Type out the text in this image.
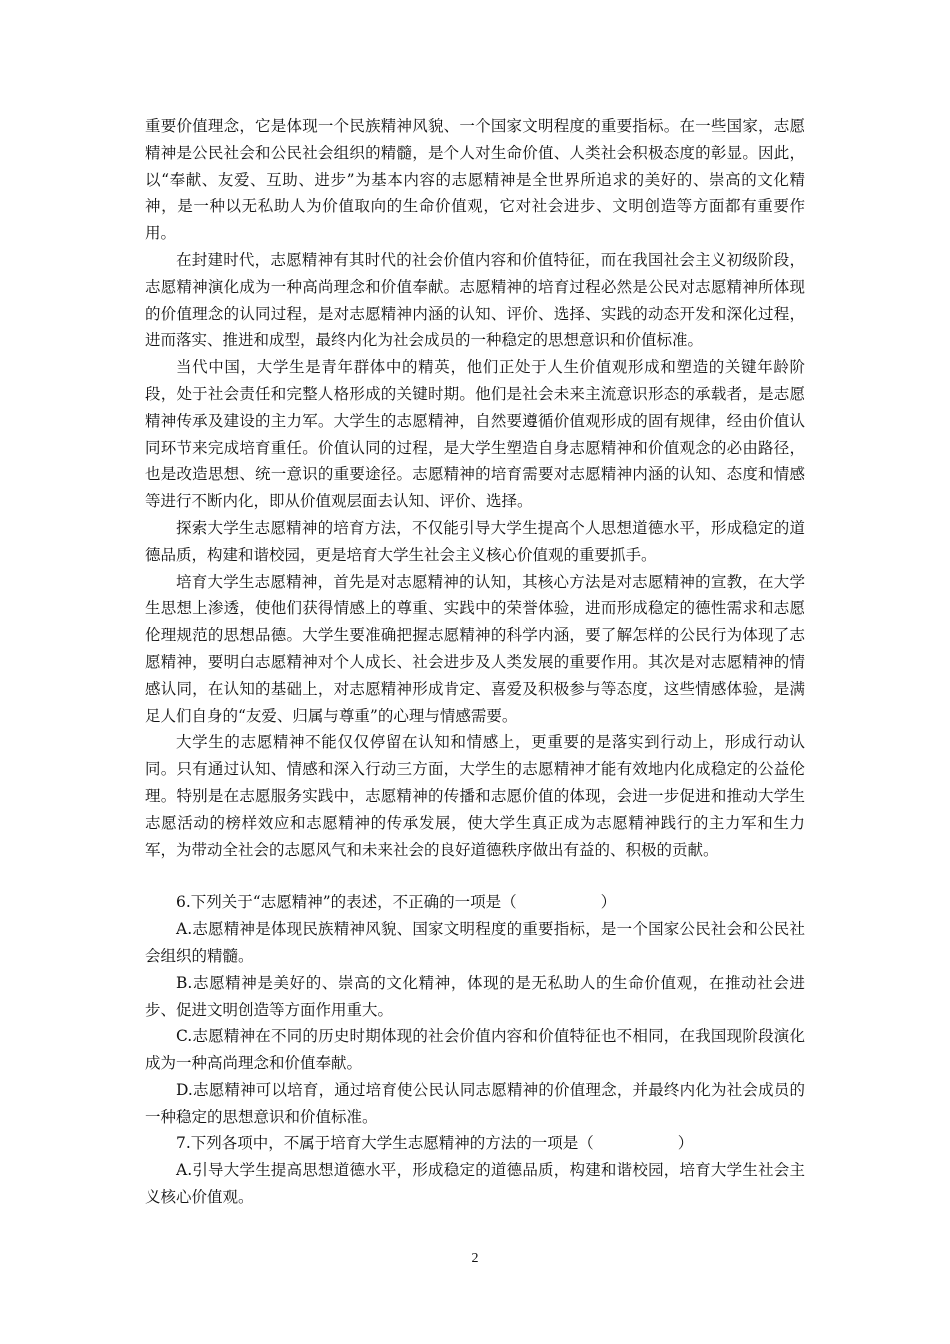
重要价值理念，它是体现一个民族精神风貌、一个国家文明程度的重要指标。在一些国家，志愿精神是公民社会和公民社会组织的精髓，是个人对生命价值、人类社会积极态度的彰显。因此，以“奉献、友爱、互助、进步”为基本内容的志愿精神是全世界所追求的美好的、崇高的文化精神，是一种以无私助人为价值取向的生命价值观，它对社会进步、文明创造等方面都有重要作用。

在封建时代，志愿精神有其时代的社会价值内容和价值特征，而在我国社会主义初级阶段，志愿精神演化成为一种高尚理念和价值奉献。志愿精神的培育过程必然是公民对志愿精神所体现的价值理念的认同过程，是对志愿精神内涵的认知、评价、选择、实践的动态开发和深化过程，进而落实、推进和成型，最终内化为社会成员的一种稳定的思想意识和价值标准。

当代中国，大学生是青年群体中的精英，他们正处于人生价值观形成和塑造的关键年龄阶段，处于社会责任和完整人格形成的关键时期。他们是社会未来主流意识形态的承载者，是志愿精神传承及建设的主力军。大学生的志愿精神，自然要遵循价值观形成的固有规律，经由价值认同环节来完成培育重任。价值认同的过程，是大学生塑造自身志愿精神和价值观念的必由路径，也是改造思想、统一意识的重要途径。志愿精神的培育需要对志愿精神内涵的认知、态度和情感等进行不断内化，即从价值观层面去认知、评价、选择。

探索大学生志愿精神的培育方法，不仅能引导大学生提高个人思想道德水平，形成稳定的道德品质，构建和谐校园，更是培育大学生社会主义核心价值观的重要抓手。

培育大学生志愿精神，首先是对志愿精神的认知，其核心方法是对志愿精神的宣教，在大学生思想上渗透，使他们获得情感上的尊重、实践中的荣誉体验，进而形成稳定的德性需求和志愿伦理规范的思想品德。大学生要准确把握志愿精神的科学内涵，要了解怎样的公民行为体现了志愿精神，要明白志愿精神对个人成长、社会进步及人类发展的重要作用。其次是对志愿精神的情感认同，在认知的基础上，对志愿精神形成肯定、喜爱及积极参与等态度，这些情感体验，是满足人们自身的“友爱、归属与尊重”的心理与情感需要。

大学生的志愿精神不能仅仅停留在认知和情感上，更重要的是落实到行动上，形成行动认同。只有通过认知、情感和深入行动三方面，大学生的志愿精神才能有效地内化成稳定的公益伦理。特别是在志愿服务实践中，志愿精神的传播和志愿价值的体现，会进一步促进和推动大学生志愿活动的榜样效应和志愿精神的传承发展，使大学生真正成为志愿精神践行的主力军和生力军，为带动全社会的志愿风气和未来社会的良好道德秩序做出有益的、积极的贡献。

6.下列关于“志愿精神”的表述，不正确的一项是（	）

A.志愿精神是体现民族精神风貌、国家文明程度的重要指标，是一个国家公民社会和公民社会组织的精髓。

B.志愿精神是美好的、崇高的文化精神，体现的是无私助人的生命价值观，在推动社会进步、促进文明创造等方面作用重大。

C.志愿精神在不同的历史时期体现的社会价值内容和价值特征也不相同，在我国现阶段演化成为一种高尚理念和价值奉献。

D.志愿精神可以培育，通过培育使公民认同志愿精神的价值理念，并最终内化为社会成员的一种稳定的思想意识和价值标准。

7.下列各项中，不属于培育大学生志愿精神的方法的一项是（	）

A.引导大学生提高思想道德水平，形成稳定的道德品质，构建和谐校园，培育大学生社会主义核心价值观。

2
